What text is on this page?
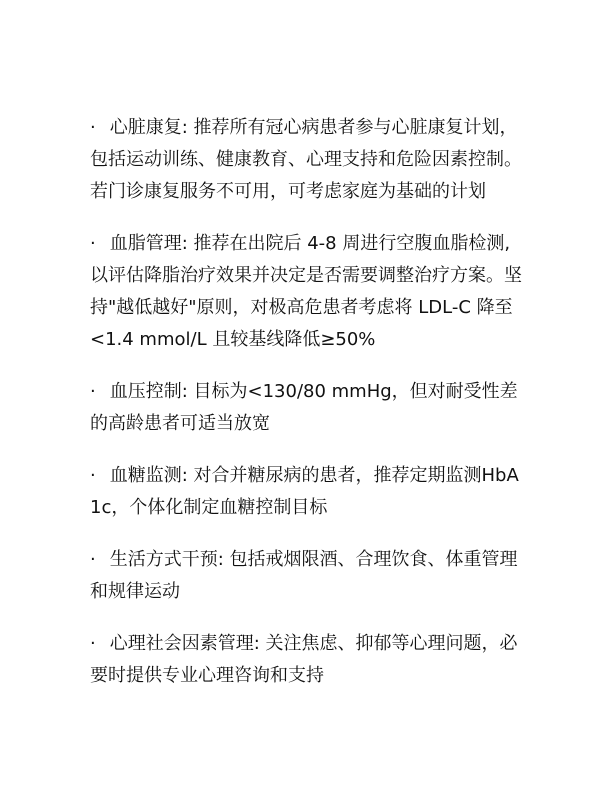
· 心脏康复: 推荐所有冠心病患者参与心脏康复计划，包括运动训练、健康教育、心理支持和危险因素控制。若门诊康复服务不可用，可考虑家庭为基础的计划

· 血脂管理: 推荐在出院后 4-8 周进行空腹血脂检测, 以评估降脂治疗效果并决定是否需要调整治疗方案。坚持"越低越好"原则，对极高危患者考虑将 LDL-C 降至<1.4 mmol/L 且较基线降低≥50%

· 血压控制: 目标为<130/80 mmHg，但对耐受性差的高龄患者可适当放宽

· 血糖监测: 对合并糖尿病的患者，推荐定期监测HbA1c，个体化制定血糖控制目标

· 生活方式干预: 包括戒烟限酒、合理饮食、体重管理和规律运动

· 心理社会因素管理: 关注焦虑、抑郁等心理问题，必要时提供专业心理咨询和支持
